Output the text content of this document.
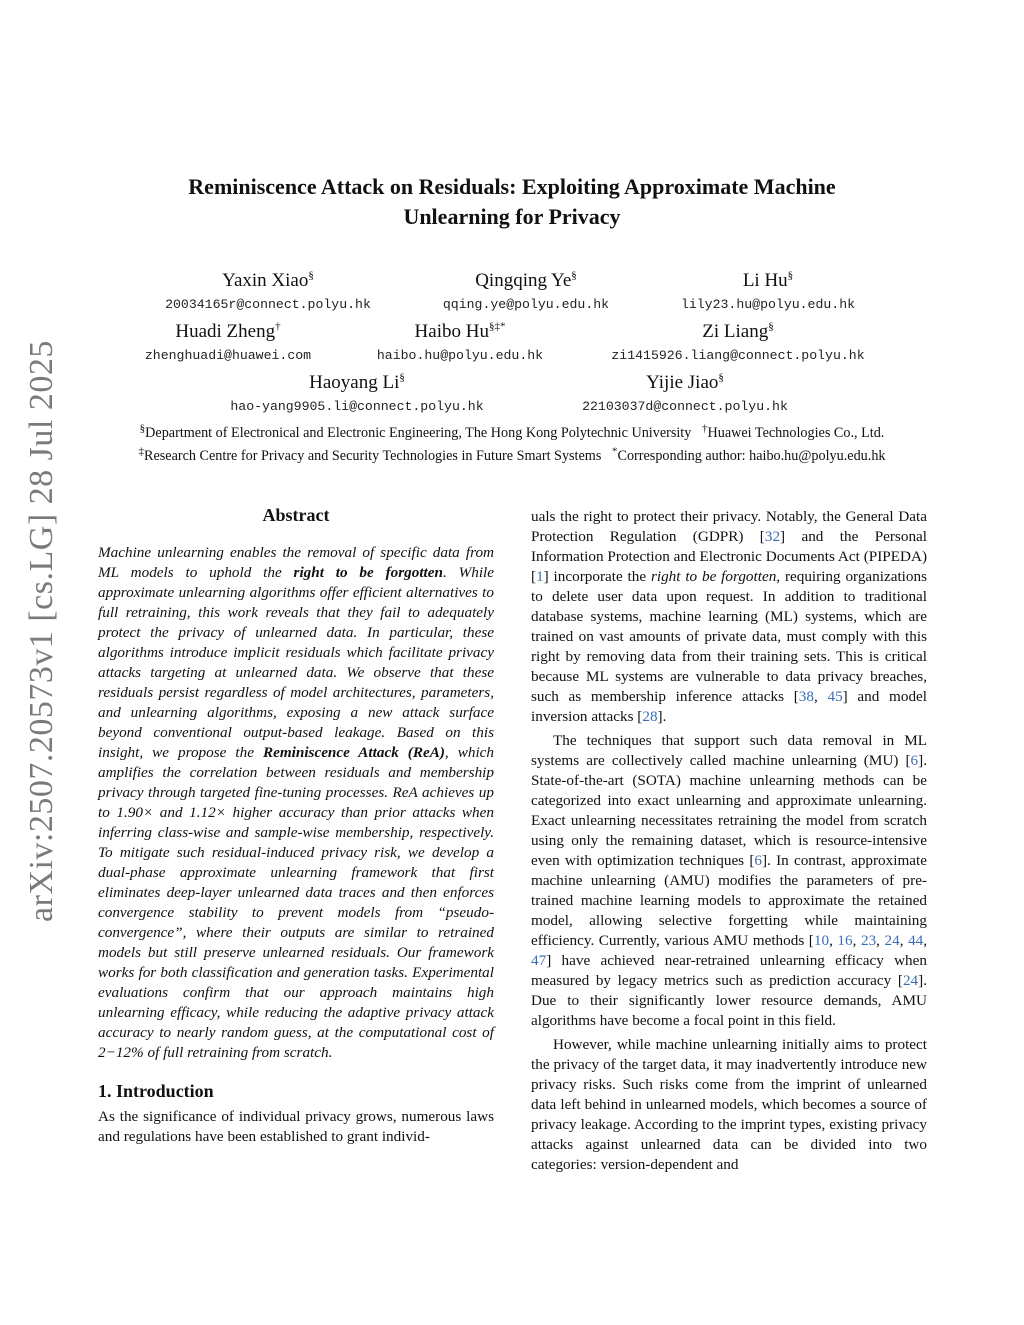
arXiv:2507.20573v1 [cs.LG] 28 Jul 2025
Reminiscence Attack on Residuals: Exploiting Approximate Machine
Unlearning for Privacy
Yaxin Xiao§
20034165r@connect.polyu.hk
Qingqing Ye§
qqing.ye@polyu.edu.hk
Li Hu§
lily23.hu@polyu.edu.hk
Huadi Zheng†
zhenghuadi@huawei.com
Haibo Hu§‡*
haibo.hu@polyu.edu.hk
Zi Liang§
zi1415926.liang@connect.polyu.hk
Haoyang Li§
hao-yang9905.li@connect.polyu.hk
Yijie Jiao§
22103037d@connect.polyu.hk
§Department of Electronical and Electronic Engineering, The Hong Kong Polytechnic University †Huawei Technologies Co., Ltd.
‡Research Centre for Privacy and Security Technologies in Future Smart Systems *Corresponding author: haibo.hu@polyu.edu.hk
Abstract

Machine unlearning enables the removal of specific data from ML models to uphold the right to be forgotten. While approximate unlearning algorithms offer efficient alternatives to full retraining, this work reveals that they fail to adequately protect the privacy of unlearned data. In particular, these algorithms introduce implicit residuals which facilitate privacy attacks targeting at unlearned data. We observe that these residuals persist regardless of model architectures, parameters, and unlearning algorithms, exposing a new attack surface beyond conventional output-based leakage. Based on this insight, we propose the Reminiscence Attack (ReA), which amplifies the correlation between residuals and membership privacy through targeted fine-tuning processes. ReA achieves up to 1.90× and 1.12× higher accuracy than prior attacks when inferring class-wise and sample-wise membership, respectively. To mitigate such residual-induced privacy risk, we develop a dual-phase approximate unlearning framework that first eliminates deep-layer unlearned data traces and then enforces convergence stability to prevent models from “pseudo-convergence”, where their outputs are similar to retrained models but still preserve unlearned residuals. Our framework works for both classification and generation tasks. Experimental evaluations confirm that our approach maintains high unlearning efficacy, while reducing the adaptive privacy attack accuracy to nearly random guess, at the computational cost of 2−12% of full retraining from scratch.

1. Introduction

As the significance of individual privacy grows, numerous laws and regulations have been established to grant individ-

uals the right to protect their privacy. Notably, the General Data Protection Regulation (GDPR) [32] and the Personal Information Protection and Electronic Documents Act (PIPEDA) [1] incorporate the right to be forgotten, requiring organizations to delete user data upon request. In addition to traditional database systems, machine learning (ML) systems, which are trained on vast amounts of private data, must comply with this right by removing data from their training sets. This is critical because ML systems are vulnerable to data privacy breaches, such as membership inference attacks [38, 45] and model inversion attacks [28].

The techniques that support such data removal in ML systems are collectively called machine unlearning (MU) [6]. State-of-the-art (SOTA) machine unlearning methods can be categorized into exact unlearning and approximate unlearning. Exact unlearning necessitates retraining the model from scratch using only the remaining dataset, which is resource-intensive even with optimization techniques [6]. In contrast, approximate machine unlearning (AMU) modifies the parameters of pre-trained machine learning models to approximate the retained model, allowing selective forgetting while maintaining efficiency. Currently, various AMU methods [10, 16, 23, 24, 44, 47] have achieved near-retrained unlearning efficacy when measured by legacy metrics such as prediction accuracy [24]. Due to their significantly lower resource demands, AMU algorithms have become a focal point in this field.

However, while machine unlearning initially aims to protect the privacy of the target data, it may inadvertently introduce new privacy risks. Such risks come from the imprint of unlearned data left behind in unlearned models, which becomes a source of privacy leakage. According to the imprint types, existing privacy attacks against unlearned data can be divided into two categories: version-dependent and
